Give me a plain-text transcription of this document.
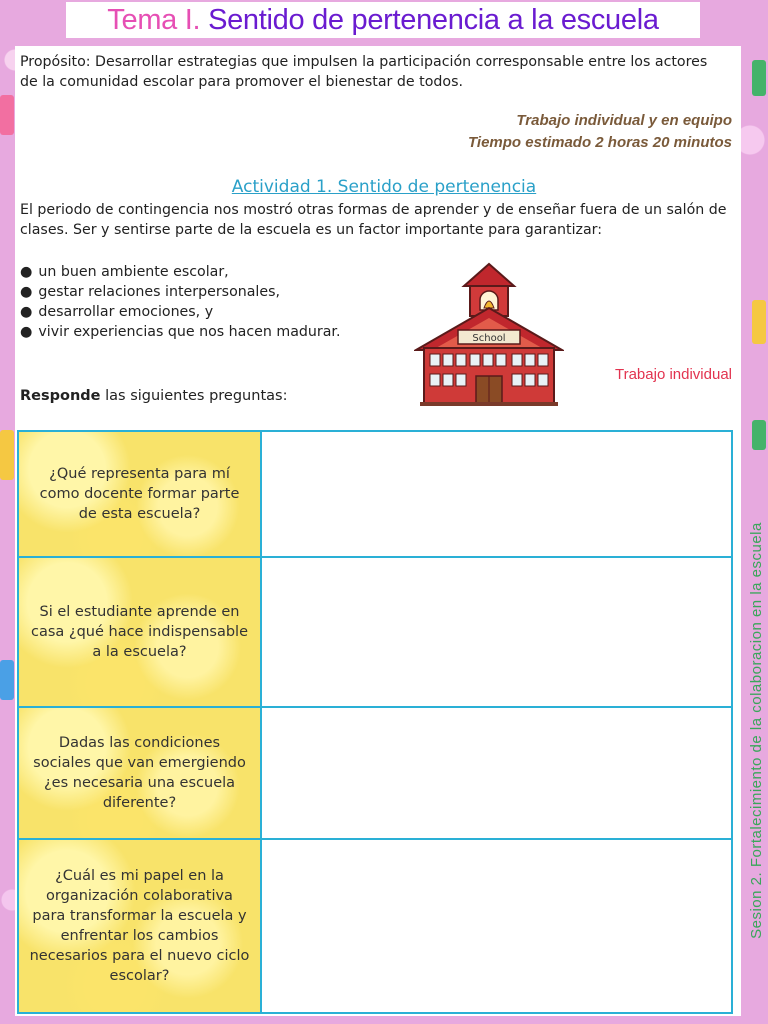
Tema I. Sentido de pertenencia a la escuela
Propósito: Desarrollar estrategias que impulsen la participación corresponsable entre los actores de la comunidad escolar para promover el bienestar de todos.
Trabajo individual y en equipo
Tiempo estimado 2 horas 20 minutos
Actividad 1. Sentido de pertenencia
El periodo de contingencia nos mostró otras formas de aprender y de enseñar fuera de un salón de clases. Ser y sentirse parte de la escuela es un factor importante para garantizar:
● un buen ambiente escolar,
● gestar relaciones interpersonales,
● desarrollar emociones, y
● vivir experiencias que nos hacen madurar.	School
Trabajo individual
Responde las siguientes preguntas:
¿Qué representa para mí como docente formar parte de esta escuela?
Si el estudiante aprende en casa ¿qué hace indispensable a la escuela?
Dadas las condiciones sociales que van emergiendo ¿es necesaria una escuela diferente?
¿Cuál es mi papel en la organización colaborativa para transformar la escuela y enfrentar los cambios necesarios para el nuevo ciclo escolar?
Sesion 2. Fortalecimiento de la colaboracion en la escuela
